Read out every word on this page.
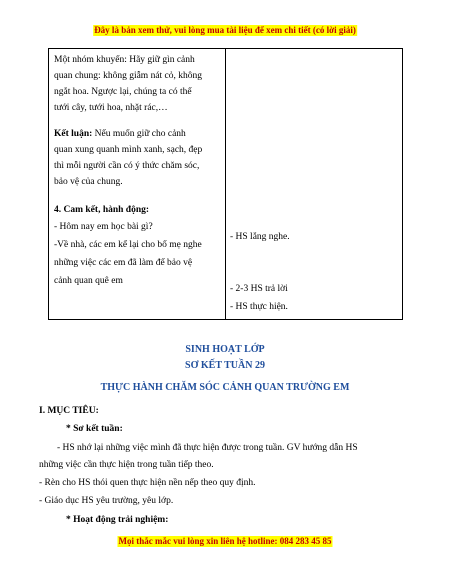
Đây là bản xem thử, vui lòng mua tài liệu để xem chi tiết (có lời giải)
Một nhóm khuyến: Hãy giữ gìn cảnh
quan chung: không giẫm nát cỏ, không
ngắt hoa. Ngược lại, chúng ta có thể
tưới cây, tưới hoa, nhặt rác,…
Kết luận: Nếu muốn giữ cho cảnh
quan xung quanh mình xanh, sạch, đẹp
thì mỗi người cần có ý thức chăm sóc,
bảo vệ của chung.
4. Cam kết, hành động:
- Hôm nay em học bài gì?
-Về nhà, các em kể lại cho bố mẹ nghe
những việc các em đã làm để bảo vệ
cảnh quan quê em
- HS lắng nghe.
- 2-3 HS trả lời
- HS thực hiện.
SINH HOẠT LỚP
SƠ KẾT TUẦN 29
THỰC HÀNH CHĂM SÓC CẢNH QUAN TRƯỜNG EM
I. MỤC TIÊU:
* Sơ kết tuần:
- HS nhớ lại những việc mình đã thực hiện được trong tuần. GV hướng dẫn HS
những việc cần thực hiện trong tuần tiếp theo.
- Rèn cho HS thói quen thực hiện nền nếp theo quy định.
- Giáo dục HS yêu trường, yêu lớp.
* Hoạt động trải nghiệm:
Mọi thắc mắc vui lòng xin liên hệ hotline: 084 283 45 85
